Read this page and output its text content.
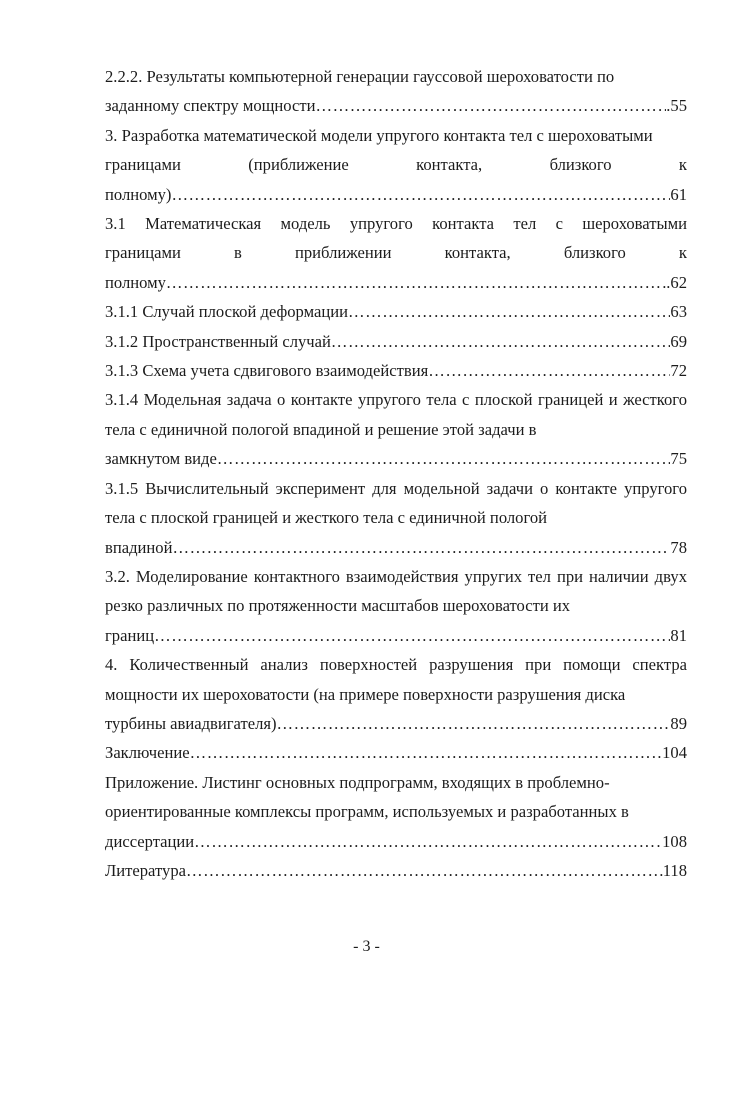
2.2.2. Результаты компьютерной генерации гауссовой шероховатости по
заданному спектру мощности …………………………………………………………………………………………………………………………………………………………………………………………………………	.55
3. Разработка математической модели упругого контакта тел с шероховатыми
границами (приближение контакта, близкого к
полному) …………………………………………………………………………………………………………………………………………………………………………………………………………	61
3.1 Математическая модель упругого контакта тел с шероховатыми
границами в приближении контакта, близкого к
полному …………………………………………………………………………………………………………………………………………………………………………………………………………	.62
3.1.1 Случай плоской деформации …………………………………………………………………………………………………………………………………………………………………………………………………………	63
3.1.2 Пространственный случай …………………………………………………………………………………………………………………………………………………………………………………………………………	69
3.1.3 Схема учета сдвигового взаимодействия …………………………………………………………………………………………………………………………………………………………………………………………………………	72
3.1.4 Модельная задача о контакте упругого тела с плоской границей и жесткого тела с единичной пологой впадиной и решение этой задачи в
замкнутом виде …………………………………………………………………………………………………………………………………………………………………………………………………………	75
3.1.5 Вычислительный эксперимент для модельной задачи о контакте упругого тела с плоской границей и жесткого тела с единичной пологой
впадиной …………………………………………………………………………………………………………………………………………………………………………………………………………	78
3.2. Моделирование контактного взаимодействия упругих тел при наличии двух резко различных по протяженности масштабов шероховатости их
границ …………………………………………………………………………………………………………………………………………………………………………………………………………	81
4. Количественный анализ поверхностей разрушения при помощи спектра мощности их шероховатости (на примере поверхности разрушения диска
турбины авиадвигателя) …………………………………………………………………………………………………………………………………………………………………………………………………………	89
Заключение …………………………………………………………………………………………………………………………………………………………………………………………………………	104
Приложение. Листинг основных подпрограмм, входящих в проблемно-ориентированные комплексы программ, используемых и разработанных в
диссертации …………………………………………………………………………………………………………………………………………………………………………………………………………	108
Литература …………………………………………………………………………………………………………………………………………………………………………………………………………	118
- 3 -
